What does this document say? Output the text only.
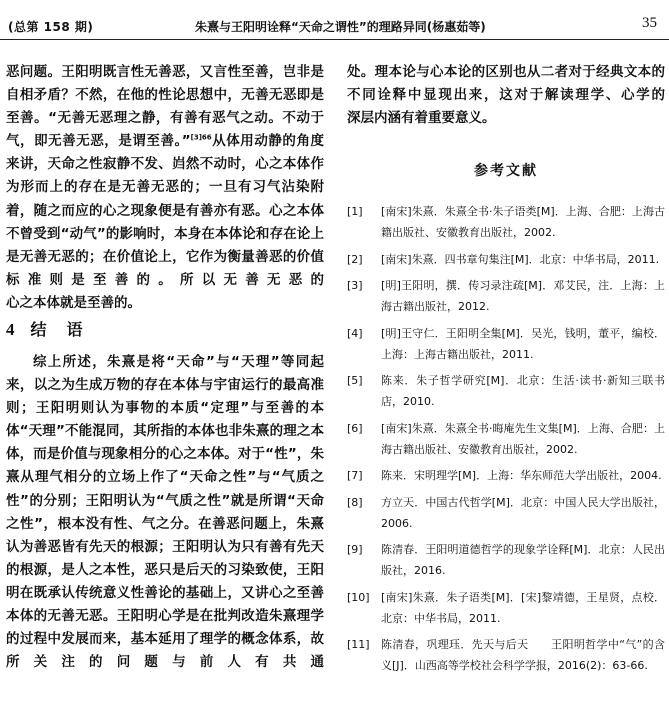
(总第 158 期)	朱熹与王阳明诠释“天命之谓性”的理路异同(杨惠茹等)	35

恶问题。王阳明既言性无善恶，又言性至善，岂非是自相矛盾？不然，在他的性论思想中，无善无恶即是至善。“无善无恶理之静，有善有恶气之动。不动于气，即无善无恶，是谓至善。”$^{[3]66}$从体用动静的角度来讲，天命之性寂静不发、岿然不动时，心之本体作为形而上的存在是无善无恶的；一旦有习气沾染附着，随之而应的心之现象便是有善亦有恶。心之本体不曾受到“动气”的影响时，本身在本体论和存在论上是无善无恶的；在价值论上，它作为衡量善恶的价值标准则是至善的。所以无善无恶的
心之本体就是至善的。

4 结　语

综上所述，朱熹是将“天命”与“天理”等同起来，以之为生成万物的存在本体与宇宙运行的最高准则；王阳明则认为事物的本质“定理”与至善的本体“天理”不能混同，其所指的本体也非朱熹的理之本体，而是价值与现象相分的心之本体。对于“性”，朱熹从理气相分的立场上作了“天命之性”与“气质之性”的分别；王阳明认为“气质之性”就是所谓“天命之性”，根本没有性、气之分。在善恶问题上，朱熹认为善恶皆有先天的根源；王阳明认为只有善有先天的根源，是人之本性，恶只是后天的习染致使，王阳明在既承认传统意义性善论的基础上，又讲心之至善本体的无善无恶。王阳明心学是在批判改造朱熹理学的过程中发展而来，基本延用了理学的概念体系，故所关注的问题与前人有共通

处。理本论与心本论的区别也从二者对于经典文本的不同诠释中显现出来，这对于解读理学、心学的
深层内涵有着重要意义。

参考文献
[1] [南宋]朱熹．朱熹全书·朱子语类[M]．上海、合肥：上海古籍出版社、安徽教育出版社，2002.
[2] [南宋]朱熹．四书章句集注[M]．北京：中华书局，2011.
[3] [明]王阳明，撰．传习录注疏[M]．邓艾民，注．上海：上海古籍出版社，2012.
[4] [明]王守仁．王阳明全集[M]．吴光，钱明，董平，编校．上海：上海古籍出版社，2011.
[5] 陈来．朱子哲学研究[M]．北京：生活·读书·新知三联书店，2010.
[6] [南宋]朱熹．朱熹全书·晦庵先生文集[M]．上海、合肥：上海古籍出版社、安徽教育出版社，2002.
[7] 陈来．宋明理学[M]．上海：华东师范大学出版社，2004.
[8] 方立天．中国古代哲学[M]．北京：中国人民大学出版社，2006.
[9] 陈清春．王阳明道德哲学的现象学诠释[M]．北京：人民出版社，2016.
[10] [南宋]朱熹．朱子语类[M]．[宋]黎靖德，王星贤，点校．北京：中华书局，2011.
[11] 陈清春，巩理珏．先天与后天　　王阳明哲学中“气”的含义[J]．山西高等学校社会科学学报，2016(2)：63-66.
